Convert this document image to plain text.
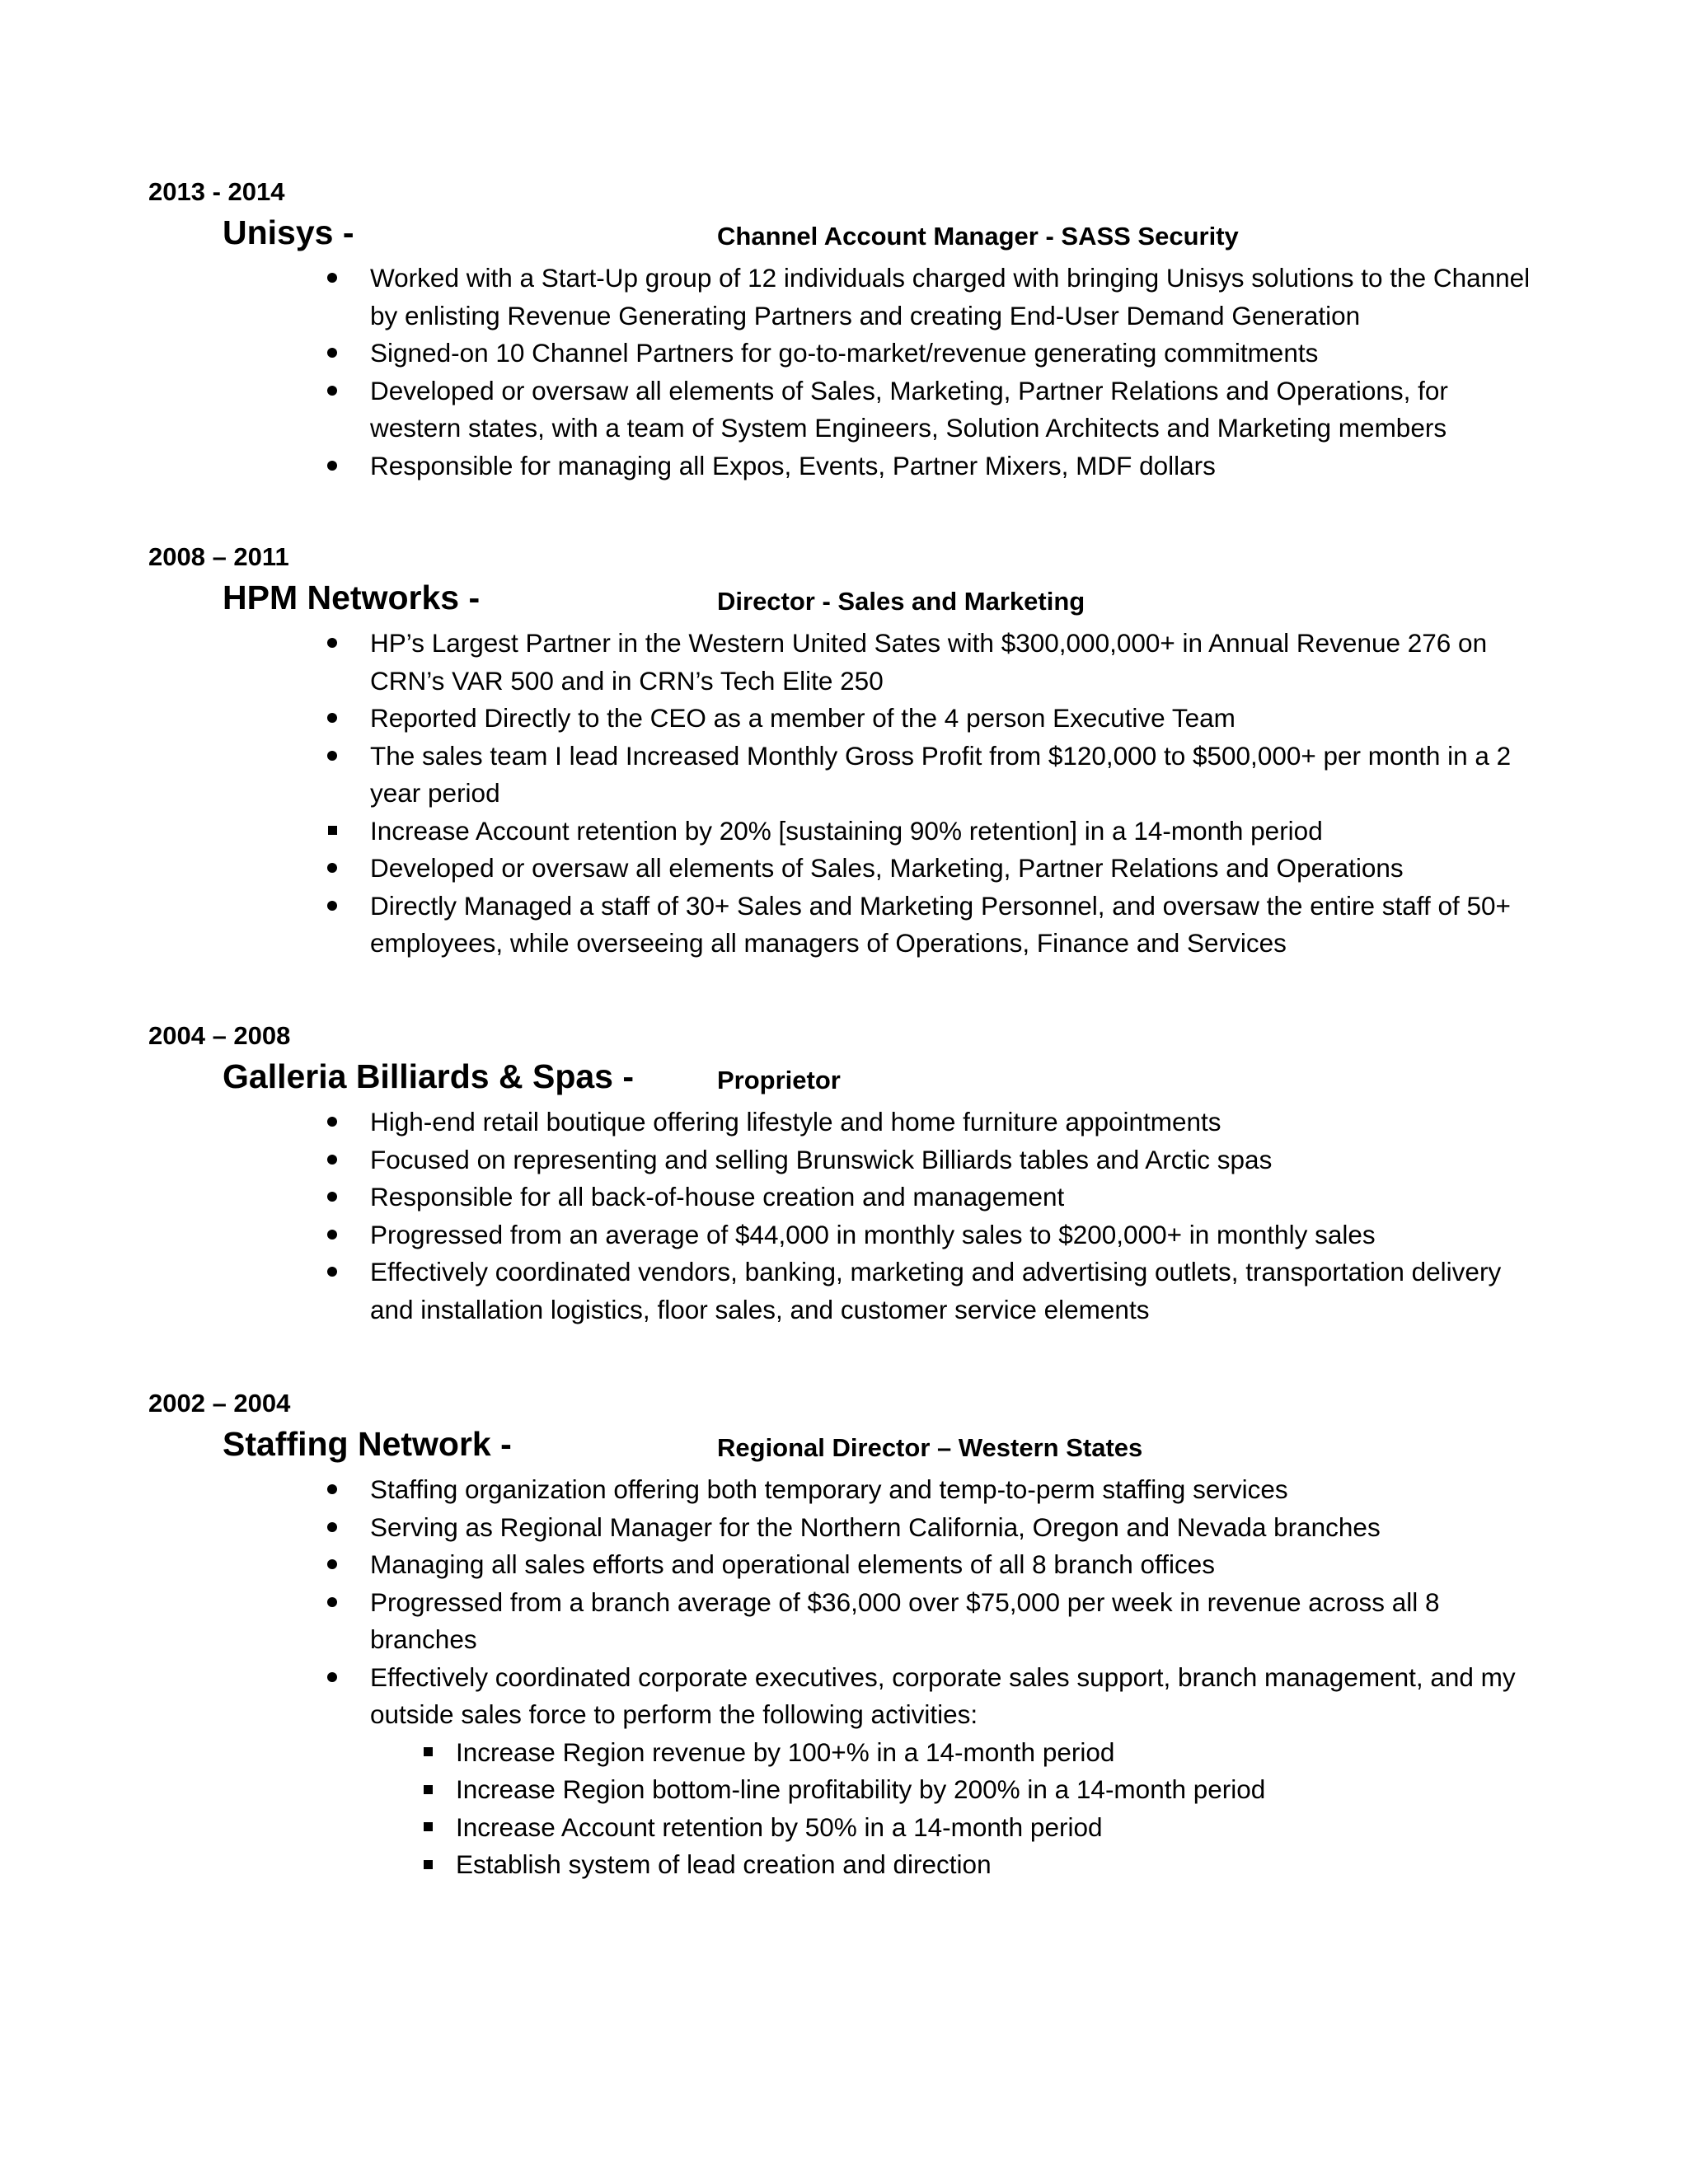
2013 - 2014
Unisys -	Channel Account Manager - SASS Security
Worked with a Start-Up group of 12 individuals charged with bringing Unisys solutions to the Channel by enlisting Revenue Generating Partners and creating End-User Demand Generation
Signed-on 10 Channel Partners for go-to-market/revenue generating commitments
Developed or oversaw all elements of Sales, Marketing, Partner Relations and Operations, for western states, with a team of System Engineers, Solution Architects and Marketing members
Responsible for managing all Expos, Events, Partner Mixers, MDF dollars
2008 – 2011
HPM Networks -	Director - Sales and Marketing
HP’s Largest Partner in the Western United Sates with $300,000,000+ in Annual Revenue 276 on CRN’s VAR 500 and in CRN’s Tech Elite 250
Reported Directly to the CEO as a member of the 4 person Executive Team
The sales team I lead Increased Monthly Gross Profit from $120,000 to $500,000+ per month in a 2 year period
Increase Account retention by 20% [sustaining 90% retention] in a 14-month period
Developed or oversaw all elements of Sales, Marketing, Partner Relations and Operations
Directly Managed a staff of 30+ Sales and Marketing Personnel, and oversaw the entire staff of 50+ employees, while overseeing all managers of Operations, Finance and Services
2004 – 2008
Galleria Billiards & Spas -	Proprietor
High-end retail boutique offering lifestyle and home furniture appointments
Focused on representing and selling Brunswick Billiards tables and Arctic spas
Responsible for all back-of-house creation and management
Progressed from an average of $44,000 in monthly sales to $200,000+ in monthly sales
Effectively coordinated vendors, banking, marketing and advertising outlets, transportation delivery and installation logistics, floor sales, and customer service elements
2002 – 2004
Staffing Network -	Regional Director – Western States
Staffing organization offering both temporary and temp-to-perm staffing services
Serving as Regional Manager for the Northern California, Oregon and Nevada branches
Managing all sales efforts and operational elements of all 8 branch offices
Progressed from a branch average of $36,000 over $75,000 per week in revenue across all 8 branches
Effectively coordinated corporate executives, corporate sales support, branch management, and my outside sales force to perform the following activities:
Increase Region revenue by 100+% in a 14-month period
Increase Region bottom-line profitability by 200% in a 14-month period
Increase Account retention by 50% in a 14-month period
Establish system of lead creation and direction
